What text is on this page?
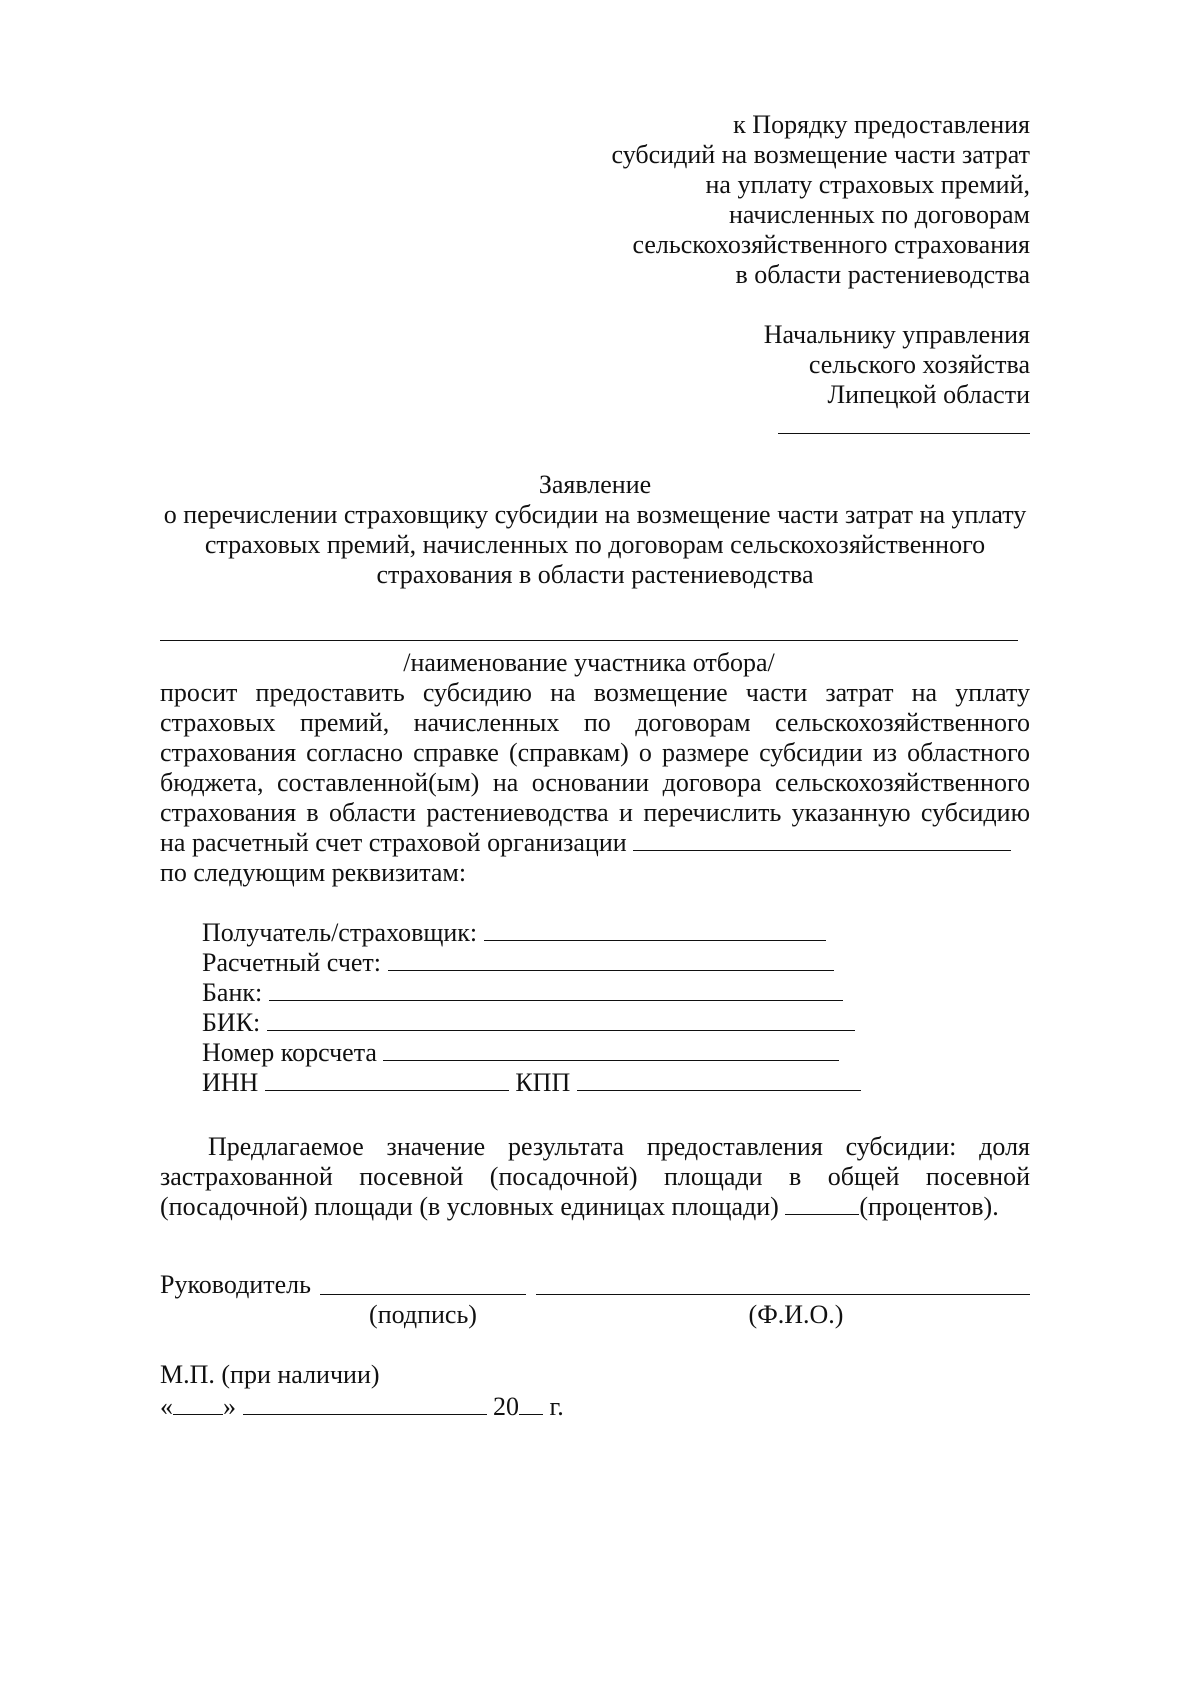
к Порядку предоставления
субсидий на возмещение части затрат
на уплату страховых премий,
начисленных по договорам
сельскохозяйственного страхования
в области растениеводства
Начальнику управления
сельского хозяйства
Липецкой области
Заявление
о перечислении страховщику субсидии на возмещение части затрат на уплату
страховых премий, начисленных по договорам сельскохозяйственного
страхования в области растениеводства
/наименование участника отбора/
просит предоставить субсидию на возмещение части затрат на уплату
страховых премий, начисленных по договорам сельскохозяйственного
страхования согласно справке (справкам) о размере субсидии из областного
бюджета, составленной(ым) на основании договора сельскохозяйственного
страхования в области растениеводства и перечислить указанную субсидию
на расчетный счет страховой организации
по следующим реквизитам:
Получатель/страховщик:
Расчетный счет:
Банк:
БИК:
Номер корсчета
ИНН	КПП
Предлагаемое значение результата предоставления субсидии: доля
застрахованной посевной (посадочной) площади в общей посевной
(посадочной) площади (в условных единицах площади)	(процентов).
Руководитель
(подпись)	(Ф.И.О.)
М.П. (при наличии)
« »	20 г.
